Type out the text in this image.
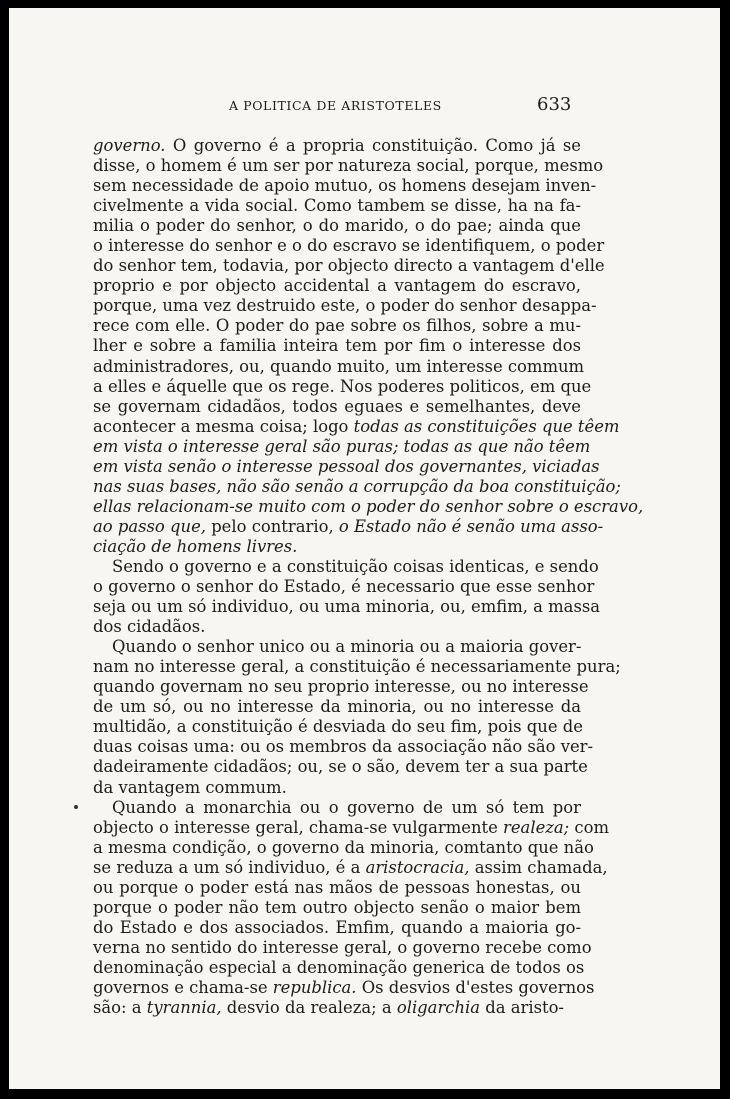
A POLITICA DE ARISTOTELES	633
governo. O governo é a propria constituição. Como já se
disse, o homem é um ser por natureza social, porque, mesmo
sem necessidade de apoio mutuo, os homens desejam inven-
civelmente a vida social. Como tambem se disse, ha na fa-
milia o poder do senhor, o do marido, o do pae; ainda que
o interesse do senhor e o do escravo se identifiquem, o poder
do senhor tem, todavia, por objecto directo a vantagem d'elle
proprio e por objecto accidental a vantagem do escravo,
porque, uma vez destruido este, o poder do senhor desappa-
rece com elle. O poder do pae sobre os filhos, sobre a mu-
lher e sobre a familia inteira tem por fim o interesse dos
administradores, ou, quando muito, um interesse commum
a elles e áquelle que os rege. Nos poderes politicos, em que
se governam cidadãos, todos eguaes e semelhantes, deve
acontecer a mesma coisa; logo todas as constituições que têem
em vista o interesse geral são puras; todas as que não têem
em vista senão o interesse pessoal dos governantes, viciadas
nas suas bases, não são senão a corrupção da boa constituição;
ellas relacionam-se muito com o poder do senhor sobre o escravo,
ao passo que, pelo contrario, o Estado não é senão uma asso-
ciação de homens livres.
Sendo o governo e a constituição coisas identicas, e sendo
o governo o senhor do Estado, é necessario que esse senhor
seja ou um só individuo, ou uma minoria, ou, emfim, a massa
dos cidadãos.
Quando o senhor unico ou a minoria ou a maioria gover-
nam no interesse geral, a constituição é necessariamente pura;
quando governam no seu proprio interesse, ou no interesse
de um só, ou no interesse da minoria, ou no interesse da
multidão, a constituição é desviada do seu fim, pois que de
duas coisas uma: ou os membros da associação não são ver-
dadeiramente cidadãos; ou, se o são, devem ter a sua parte
da vantagem commum.
Quando a monarchia ou o governo de um só tem por
objecto o interesse geral, chama-se vulgarmente realeza; com
a mesma condição, o governo da minoria, comtanto que não
se reduza a um só individuo, é a aristocracia, assim chamada,
ou porque o poder está nas mãos de pessoas honestas, ou
porque o poder não tem outro objecto senão o maior bem
do Estado e dos associados. Emfim, quando a maioria go-
verna no sentido do interesse geral, o governo recebe como
denominação especial a denominação generica de todos os
governos e chama-se republica. Os desvios d'estes governos
são: a tyrannia, desvio da realeza; a oligarchia da aristo-
